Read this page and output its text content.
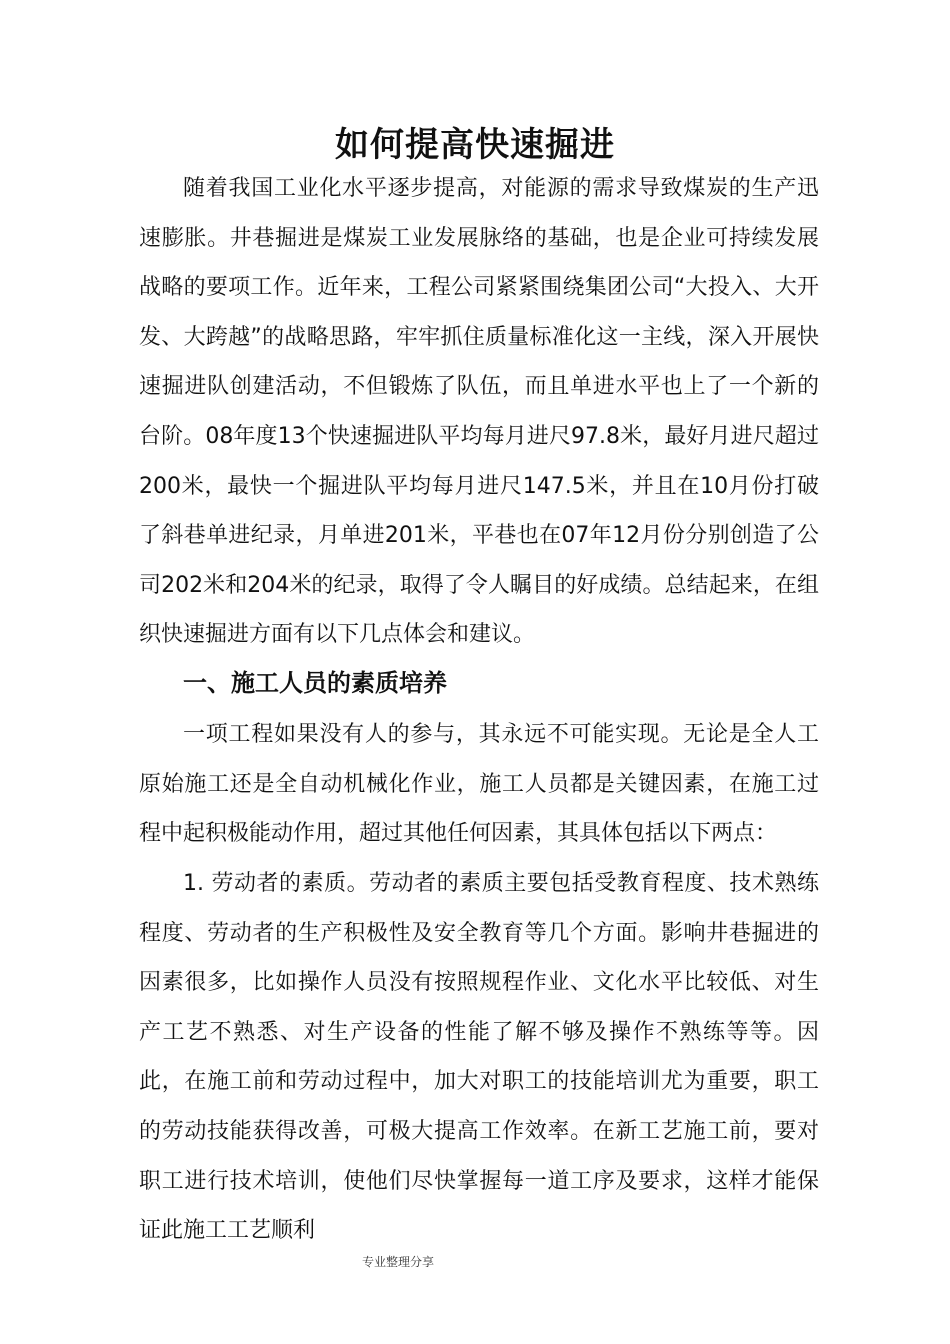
如何提高快速掘进

随着我国工业化水平逐步提高，对能源的需求导致煤炭的生产迅速膨胀。井巷掘进是煤炭工业发展脉络的基础，也是企业可持续发展战略的要项工作。近年来，工程公司紧紧围绕集团公司“大投入、大开发、大跨越”的战略思路，牢牢抓住质量标准化这一主线，深入开展快速掘进队创建活动，不但锻炼了队伍，而且单进水平也上了一个新的台阶。08年度13个快速掘进队平均每月进尺97.8米，最好月进尺超过200米，最快一个掘进队平均每月进尺147.5米，并且在10月份打破了斜巷单进纪录，月单进201米，平巷也在07年12月份分别创造了公司202米和204米的纪录，取得了令人瞩目的好成绩。总结起来，在组织快速掘进方面有以下几点体会和建议。

一、施工人员的素质培养

一项工程如果没有人的参与，其永远不可能实现。无论是全人工原始施工还是全自动机械化作业，施工人员都是关键因素，在施工过程中起积极能动作用，超过其他任何因素，其具体包括以下两点：

1. 劳动者的素质。劳动者的素质主要包括受教育程度、技术熟练程度、劳动者的生产积极性及安全教育等几个方面。影响井巷掘进的因素很多，比如操作人员没有按照规程作业、文化水平比较低、对生产工艺不熟悉、对生产设备的性能了解不够及操作不熟练等等。因此，在施工前和劳动过程中，加大对职工的技能培训尤为重要，职工的劳动技能获得改善，可极大提高工作效率。在新工艺施工前，要对职工进行技术培训，使他们尽快掌握每一道工序及要求，这样才能保证此施工工艺顺利

专业整理分享
